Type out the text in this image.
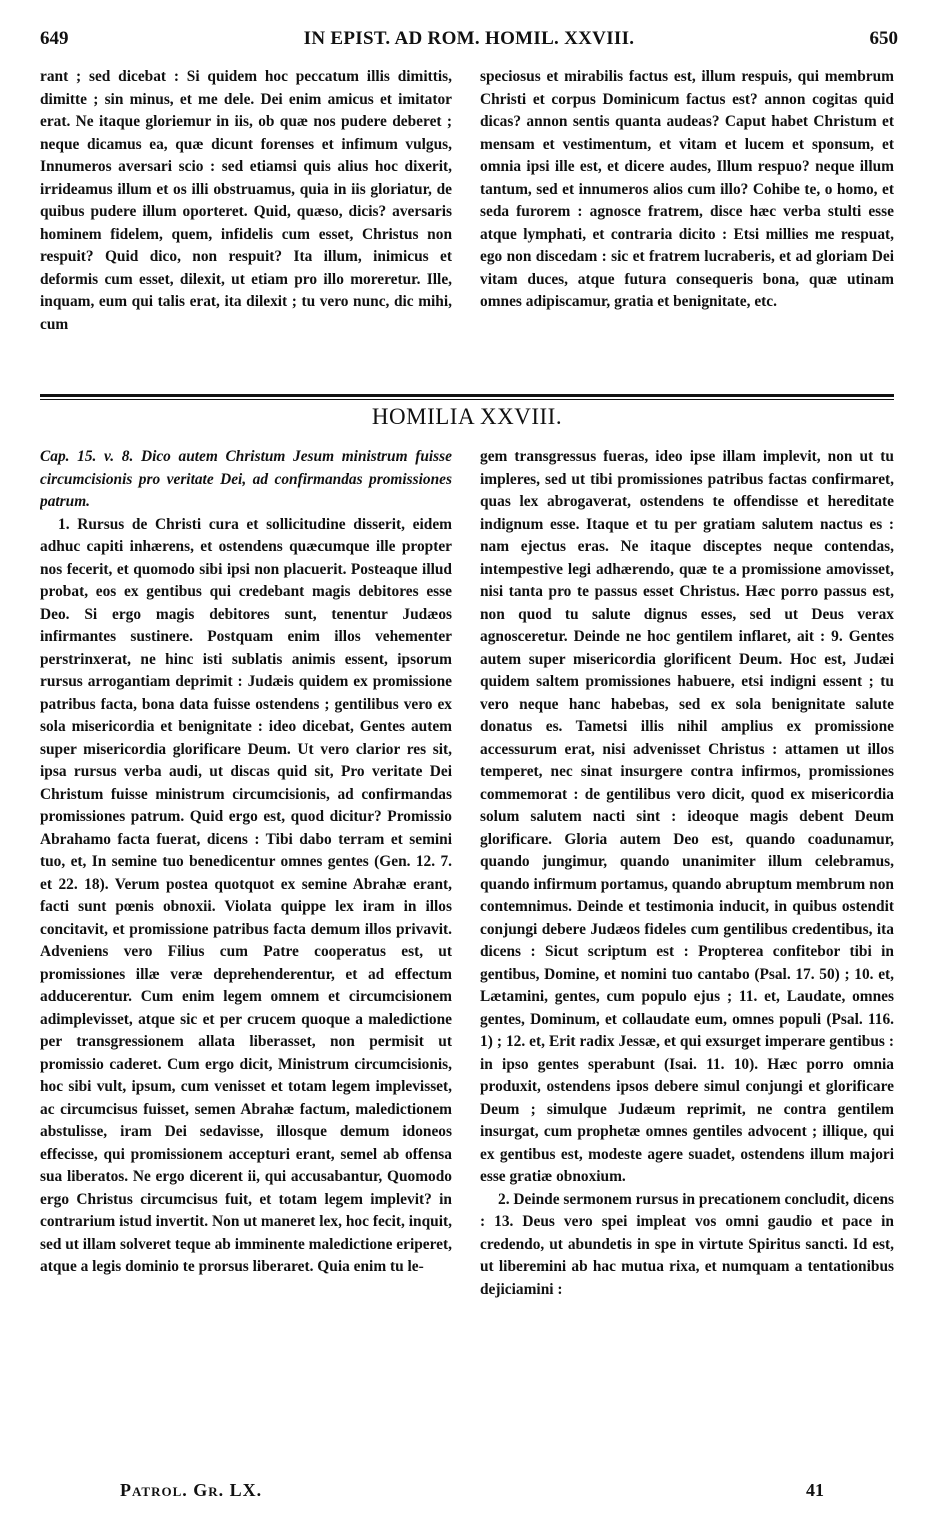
649	IN EPIST. AD ROM. HOMIL. XXVIII.	650

rant ; sed dicebat : Si quidem hoc peccatum illis dimittis, dimitte ; sin minus, et me dele. Dei enim amicus et imitator erat. Ne itaque gloriemur in iis, ob quæ nos pudere deberet ; neque dicamus ea, quæ dicunt forenses et infimum vulgus, Innumeros aversari scio : sed etiamsi quis alius hoc dixerit, irrideamus illum et os illi obstruamus, quia in iis gloriatur, de quibus pudere illum oporteret. Quid, quæso, dicis? aversaris hominem fidelem, quem, infidelis cum esset, Christus non respuit? Quid dico, non respuit? Ita illum, inimicus et deformis cum esset, dilexit, ut etiam pro illo moreretur. Ille, inquam, eum qui talis erat, ita dilexit ; tu vero nunc, dic mihi, cum

speciosus et mirabilis factus est, illum respuis, qui membrum Christi et corpus Dominicum factus est? annon cogitas quid dicas? annon sentis quanta audeas? Caput habet Christum et mensam et vestimentum, et vitam et lucem et sponsum, et omnia ipsi ille est, et dicere audes, Illum respuo? neque illum tantum, sed et innumeros alios cum illo? Cohibe te, o homo, et seda furorem : agnosce fratrem, disce hæc verba stulti esse atque lymphati, et contraria dicito : Etsi millies me respuat, ego non discedam : sic et fratrem lucraberis, et ad gloriam Dei vitam duces, atque futura consequeris bona, quæ utinam omnes adipiscamur, gratia et benignitate, etc.

HOMILIA XXVIII.

Cap. 15. v. 8. Dico autem Christum Jesum ministrum fuisse circumcisionis pro veritate Dei, ad confirmandas promissiones patrum.

1. Rursus de Christi cura et sollicitudine disserit, eidem adhuc capiti inhærens, et ostendens quæcumque ille propter nos fecerit, et quomodo sibi ipsi non placuerit. Posteaque illud probat, eos ex gentibus qui credebant magis debitores esse Deo. Si ergo magis debitores sunt, tenentur Judæos infirmantes sustinere. Postquam enim illos vehementer perstrinxerat, ne hinc isti sublatis animis essent, ipsorum rursus arrogantiam deprimit : Judæis quidem ex promissione patribus facta, bona data fuisse ostendens ; gentilibus vero ex sola misericordia et benignitate : ideo dicebat, Gentes autem super misericordia glorificare Deum. Ut vero clarior res sit, ipsa rursus verba audi, ut discas quid sit, Pro veritate Dei Christum fuisse ministrum circumcisionis, ad confirmandas promissiones patrum. Quid ergo est, quod dicitur? Promissio Abrahamo facta fuerat, dicens : Tibi dabo terram et semini tuo, et, In semine tuo benedicentur omnes gentes (Gen. 12. 7. et 22. 18). Verum postea quotquot ex semine Abrahæ erant, facti sunt pœnis obnoxii. Violata quippe lex iram in illos concitavit, et promissione patribus facta demum illos privavit. Adveniens vero Filius cum Patre cooperatus est, ut promissiones illæ veræ deprehenderentur, et ad effectum adducerentur. Cum enim legem omnem et circumcisionem adimplevisset, atque sic et per crucem quoque a maledictione per transgressionem allata liberasset, non permisit ut promissio caderet. Cum ergo dicit, Ministrum circumcisionis, hoc sibi vult, ipsum, cum venisset et totam legem implevisset, ac circumcisus fuisset, semen Abrahæ factum, maledictionem abstulisse, iram Dei sedavisse, illosque demum idoneos effecisse, qui promissionem accepturi erant, semel ab offensa sua liberatos. Ne ergo dicerent ii, qui accusabantur, Quomodo ergo Christus circumcisus fuit, et totam legem implevit? in contrarium istud invertit. Non ut maneret lex, hoc fecit, inquit, sed ut illam solveret teque ab imminente maledictione eriperet, atque a legis dominio te prorsus liberaret. Quia enim tu le-

gem transgressus fueras, ideo ipse illam implevit, non ut tu impleres, sed ut tibi promissiones patribus factas confirmaret, quas lex abrogaverat, ostendens te offendisse et hereditate indignum esse. Itaque et tu per gratiam salutem nactus es : nam ejectus eras. Ne itaque disceptes neque contendas, intempestive legi adhærendo, quæ te a promissione amovisset, nisi tanta pro te passus esset Christus. Hæc porro passus est, non quod tu salute dignus esses, sed ut Deus verax agnosceretur. Deinde ne hoc gentilem inflaret, ait : 9. Gentes autem super misericordia glorificent Deum. Hoc est, Judæi quidem saltem promissiones habuere, etsi indigni essent ; tu vero neque hanc habebas, sed ex sola benignitate salute donatus es. Tametsi illis nihil amplius ex promissione accessurum erat, nisi advenisset Christus : attamen ut illos temperet, nec sinat insurgere contra infirmos, promissiones commemorat : de gentilibus vero dicit, quod ex misericordia solum salutem nacti sint : ideoque magis debent Deum glorificare. Gloria autem Deo est, quando coadunamur, quando jungimur, quando unanimiter illum celebramus, quando infirmum portamus, quando abruptum membrum non contemnimus. Deinde et testimonia inducit, in quibus ostendit conjungi debere Judæos fideles cum gentilibus credentibus, ita dicens : Sicut scriptum est : Propterea confitebor tibi in gentibus, Domine, et nomini tuo cantabo (Psal. 17. 50) ; 10. et, Lætamini, gentes, cum populo ejus ; 11. et, Laudate, omnes gentes, Dominum, et collaudate eum, omnes populi (Psal. 116. 1) ; 12. et, Erit radix Jessæ, et qui exsurget imperare gentibus : in ipso gentes sperabunt (Isai. 11. 10). Hæc porro omnia produxit, ostendens ipsos debere simul conjungi et glorificare Deum ; simulque Judæum reprimit, ne contra gentilem insurgat, cum prophetæ omnes gentiles advocent ; illique, qui ex gentibus est, modeste agere suadet, ostendens illum majori esse gratiæ obnoxium.

2. Deinde sermonem rursus in precationem concludit, dicens : 13. Deus vero spei impleat vos omni gaudio et pace in credendo, ut abundetis in spe in virtute Spiritus sancti. Id est, ut liberemini ab hac mutua rixa, et numquam a tentationibus dejiciamini :

Patrol. Gr. LX.	41
